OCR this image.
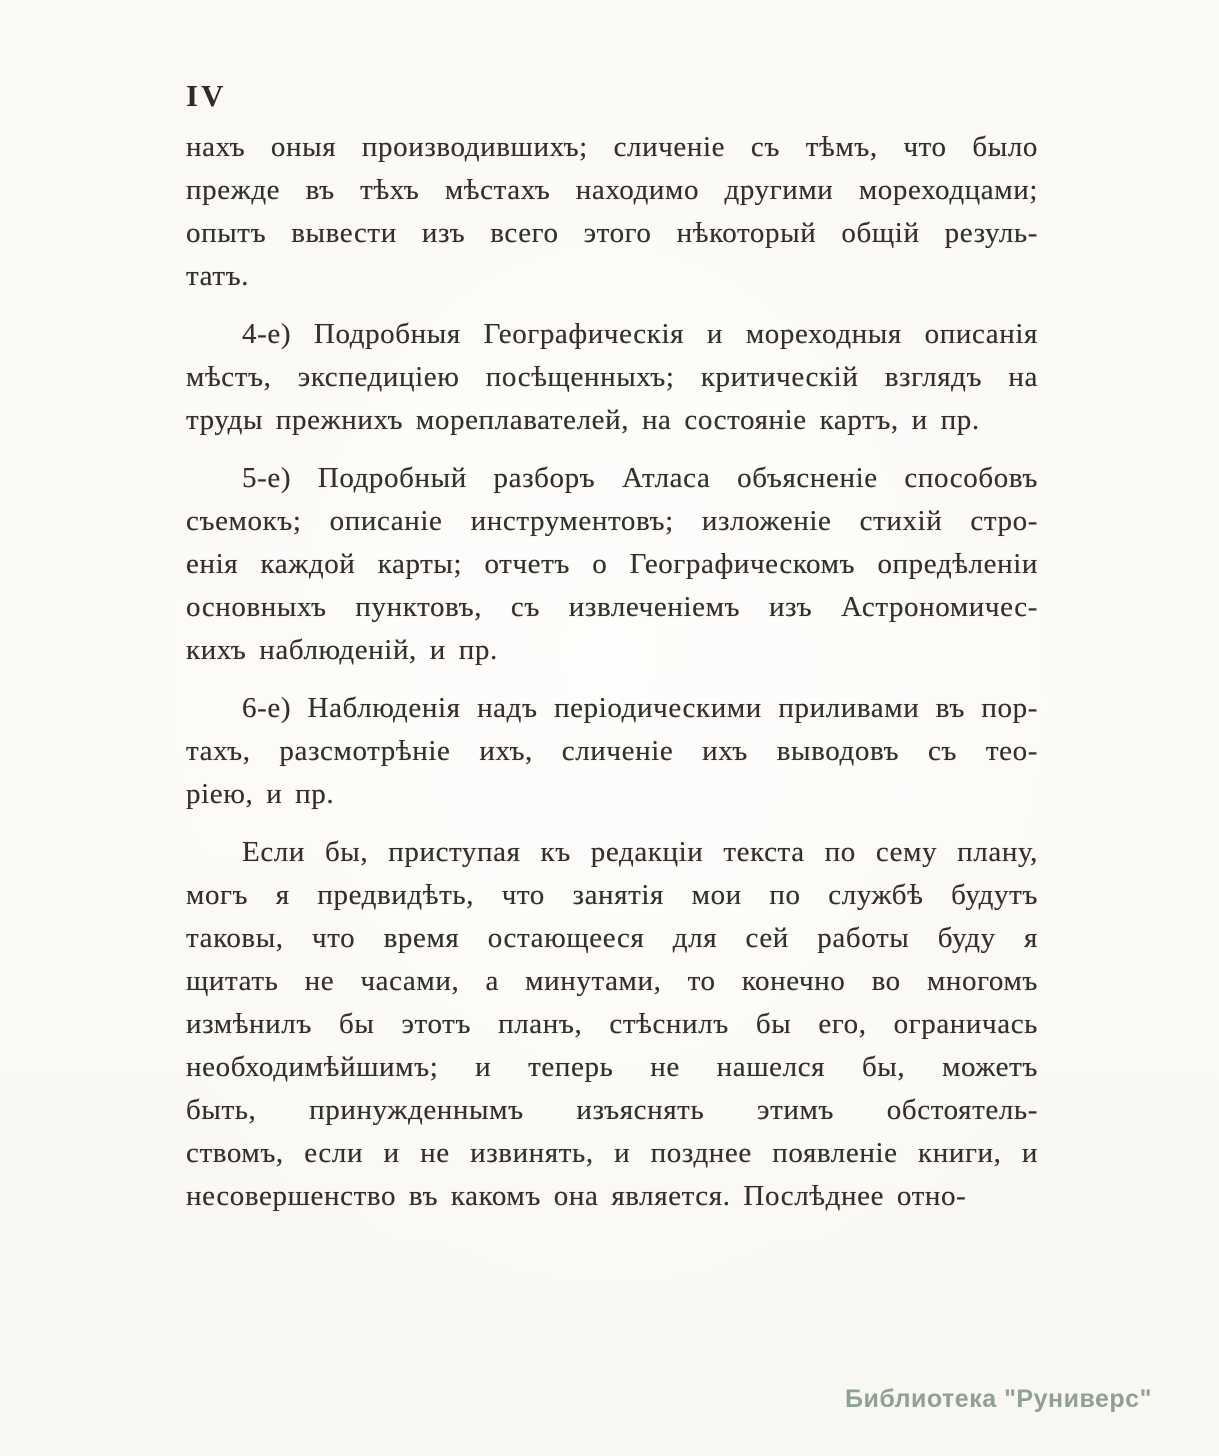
IV

нахъ оныя производившихъ; сличеніе съ тѣмъ, что было
прежде въ тѣхъ мѣстахъ находимо другими мореходцами;
опытъ вывести изъ всего этого нѣкоторый общій резуль-
татъ.

4-е) Подробныя Географическія и мореходныя описанія
мѣстъ, экспедиціею посѣщенныхъ; критическій взглядъ на
труды прежнихъ мореплавателей, на состояніе картъ, и пр.

5-е) Подробный разборъ Атласа объясненіе способовъ
съемокъ; описаніе инструментовъ; изложеніе стихій стро-
енія каждой карты; отчетъ о Географическомъ опредѣленіи
основныхъ пунктовъ, съ извлеченіемъ изъ Астрономичес-
кихъ наблюденій, и пр.

6-е) Наблюденія надъ періодическими приливами въ пор-
тахъ, разсмотрѣніе ихъ, сличеніе ихъ выводовъ съ тео-
ріею, и пр.

Если бы, приступая къ редакціи текста по сему плану,
могъ я предвидѣть, что занятія мои по службѣ будутъ
таковы, что время остающееся для сей работы буду я
щитать не часами, а минутами, то конечно во многомъ
измѣнилъ бы этотъ планъ, стѣснилъ бы его, ограничась
необходимѣйшимъ; и теперь не нашелся бы, можетъ
быть, принужденнымъ изъяснять этимъ обстоятель-
ствомъ, если и не извинять, и позднее появленіе книги, и
несовершенство въ какомъ она является. Послѣднее отно-

Библиотека "Руниверс"
